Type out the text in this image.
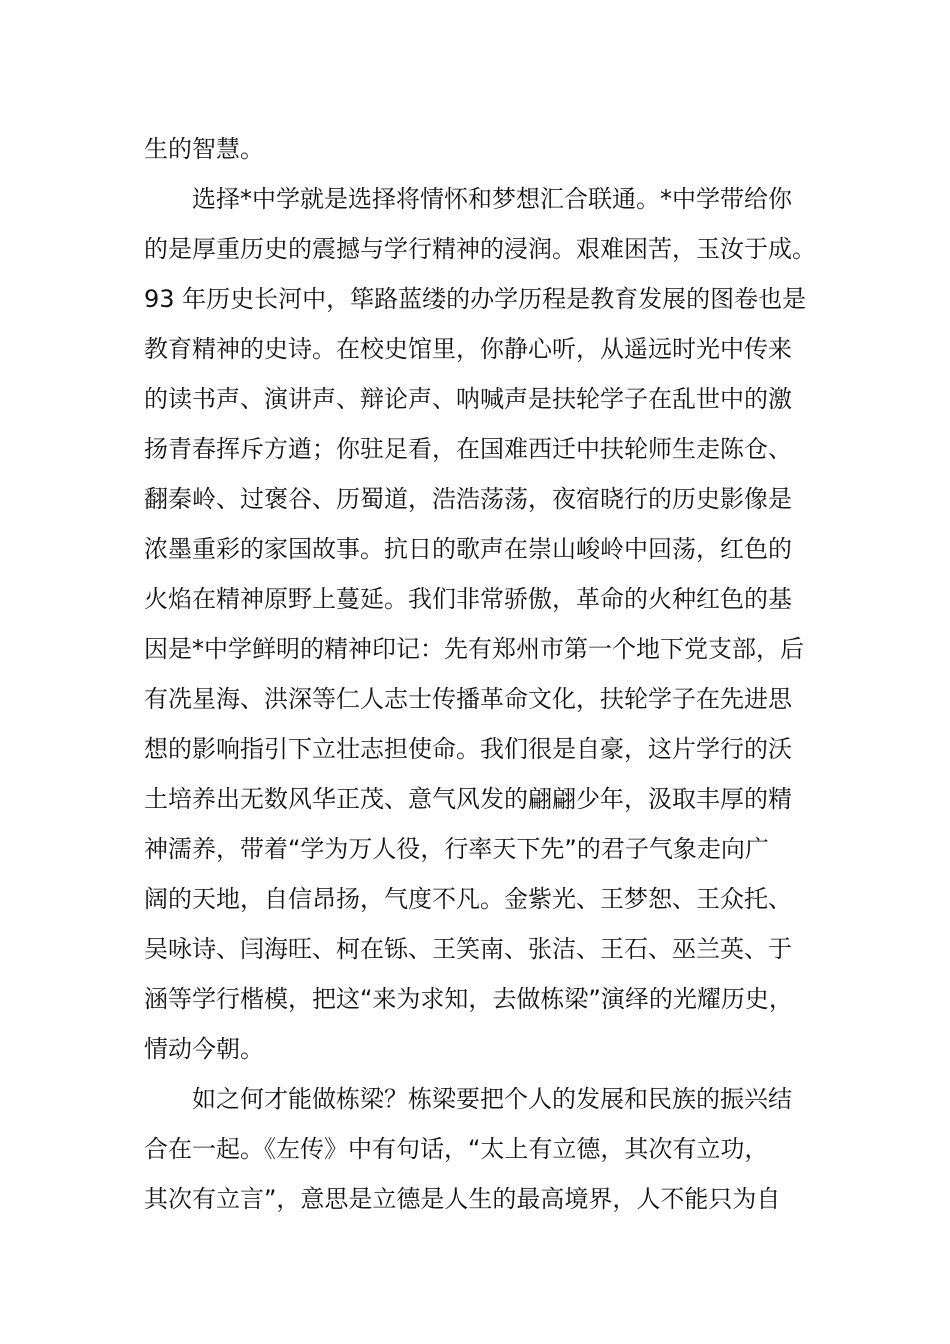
生的智慧。
　　选择*中学就是选择将情怀和梦想汇合联通。*中学带给你
的是厚重历史的震撼与学行精神的浸润。艰难困苦，玉汝于成。
93 年历史长河中，筚路蓝缕的办学历程是教育发展的图卷也是
教育精神的史诗。在校史馆里，你静心听，从遥远时光中传来
的读书声、演讲声、辩论声、呐喊声是扶轮学子在乱世中的激
扬青春挥斥方遒；你驻足看，在国难西迁中扶轮师生走陈仓、
翻秦岭、过褒谷、历蜀道，浩浩荡荡，夜宿晓行的历史影像是
浓墨重彩的家国故事。抗日的歌声在崇山峻岭中回荡，红色的
火焰在精神原野上蔓延。我们非常骄傲，革命的火种红色的基
因是*中学鲜明的精神印记：先有郑州市第一个地下党支部，后
有冼星海、洪深等仁人志士传播革命文化，扶轮学子在先进思
想的影响指引下立壮志担使命。我们很是自豪，这片学行的沃
土培养出无数风华正茂、意气风发的翩翩少年，汲取丰厚的精
神濡养，带着“学为万人役，行率天下先”的君子气象走向广
阔的天地，自信昂扬，气度不凡。金紫光、王梦恕、王众托、
吴咏诗、闫海旺、柯在铄、王笑南、张洁、王石、巫兰英、于
涵等学行楷模，把这“来为求知，去做栋梁”演绎的光耀历史，
情动今朝。
　　如之何才能做栋梁？栋梁要把个人的发展和民族的振兴结
合在一起。《左传》中有句话，“太上有立德，其次有立功，
其次有立言”，意思是立德是人生的最高境界，人不能只为自
